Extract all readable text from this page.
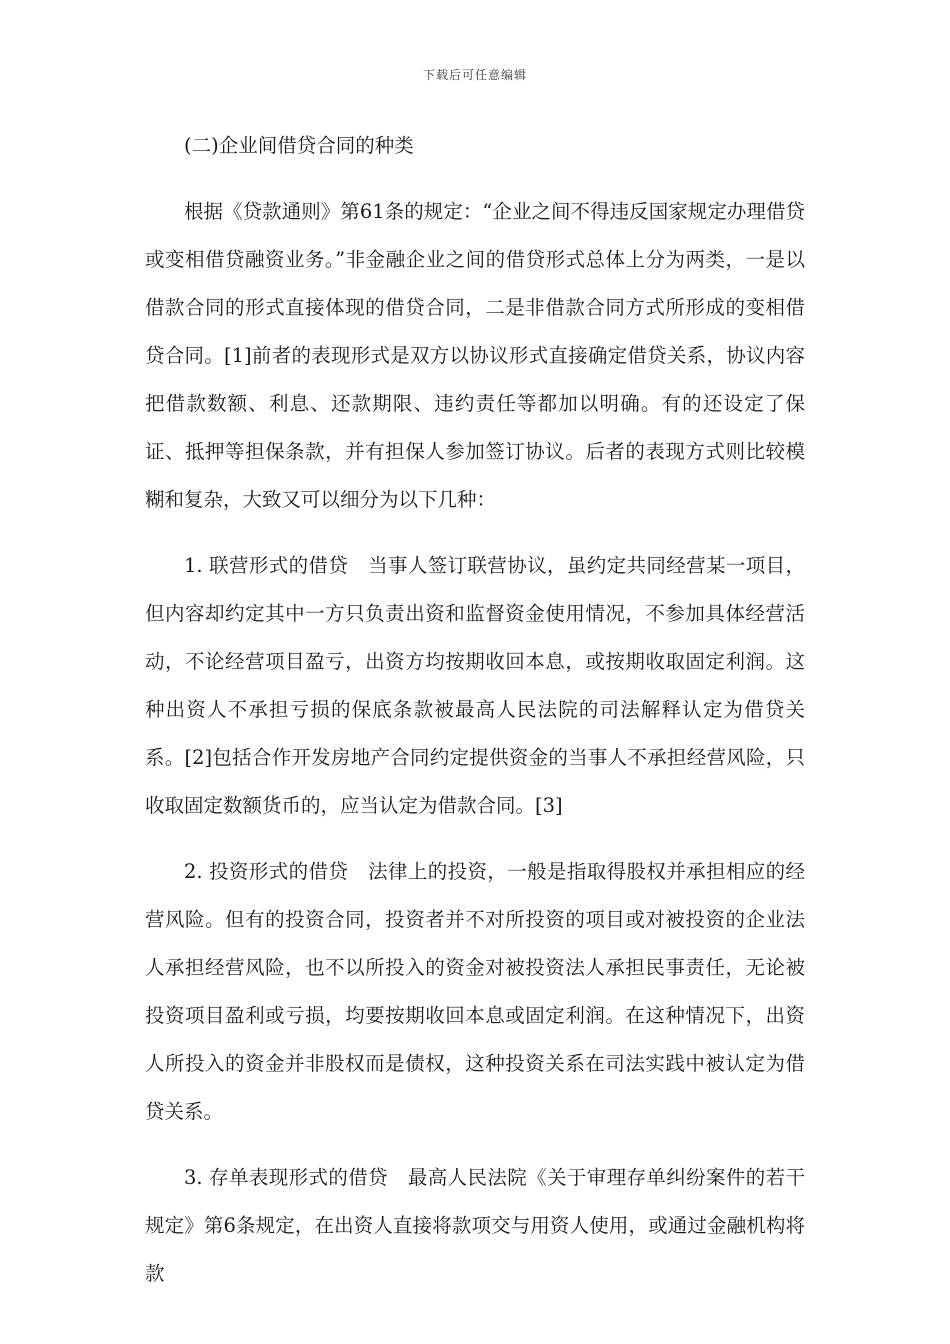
下载后可任意编辑

(二)企业间借贷合同的种类

根据《贷款通则》第61条的规定：“企业之间不得违反国家规定办理借贷或变相借贷融资业务。”非金融企业之间的借贷形式总体上分为两类，一是以借款合同的形式直接体现的借贷合同，二是非借款合同方式所形成的变相借贷合同。[1]前者的表现形式是双方以协议形式直接确定借贷关系，协议内容把借款数额、利息、还款期限、违约责任等都加以明确。有的还设定了保证、抵押等担保条款，并有担保人参加签订协议。后者的表现方式则比较模糊和复杂，大致又可以细分为以下几种：

1. 联营形式的借贷　当事人签订联营协议，虽约定共同经营某一项目，但内容却约定其中一方只负责出资和监督资金使用情况，不参加具体经营活动，不论经营项目盈亏，出资方均按期收回本息，或按期收取固定利润。这种出资人不承担亏损的保底条款被最高人民法院的司法解释认定为借贷关系。[2]包括合作开发房地产合同约定提供资金的当事人不承担经营风险，只收取固定数额货币的，应当认定为借款合同。[3]

2. 投资形式的借贷　法律上的投资，一般是指取得股权并承担相应的经营风险。但有的投资合同，投资者并不对所投资的项目或对被投资的企业法人承担经营风险，也不以所投入的资金对被投资法人承担民事责任，无论被投资项目盈利或亏损，均要按期收回本息或固定利润。在这种情况下，出资人所投入的资金并非股权而是债权，这种投资关系在司法实践中被认定为借贷关系。

3. 存单表现形式的借贷　最高人民法院《关于审理存单纠纷案件的若干规定》第6条规定，在出资人直接将款项交与用资人使用，或通过金融机构将款
